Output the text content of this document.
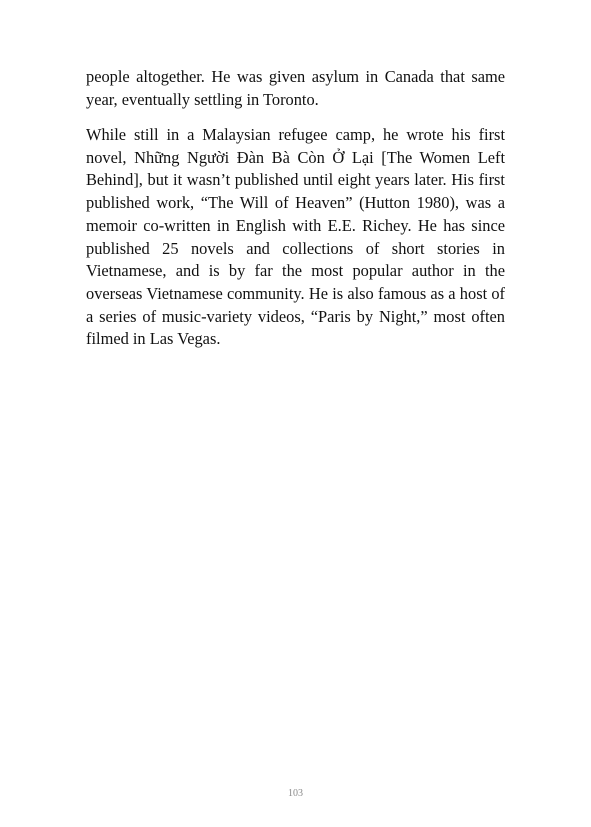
people altogether. He was given asylum in Canada that same year, eventually settling in Toronto.

While still in a Malaysian refugee camp, he wrote his first novel, Những Người Đàn Bà Còn Ở Lại [The Women Left Behind], but it wasn’t published until eight years later. His first published work, “The Will of Heaven” (Hutton 1980), was a memoir co-written in English with E.E. Richey. He has since published 25 novels and collections of short stories in Vietnamese, and is by far the most popular author in the overseas Vietnamese community. He is also famous as a host of a series of music-variety videos, “Paris by Night,” most often filmed in Las Vegas.

103
